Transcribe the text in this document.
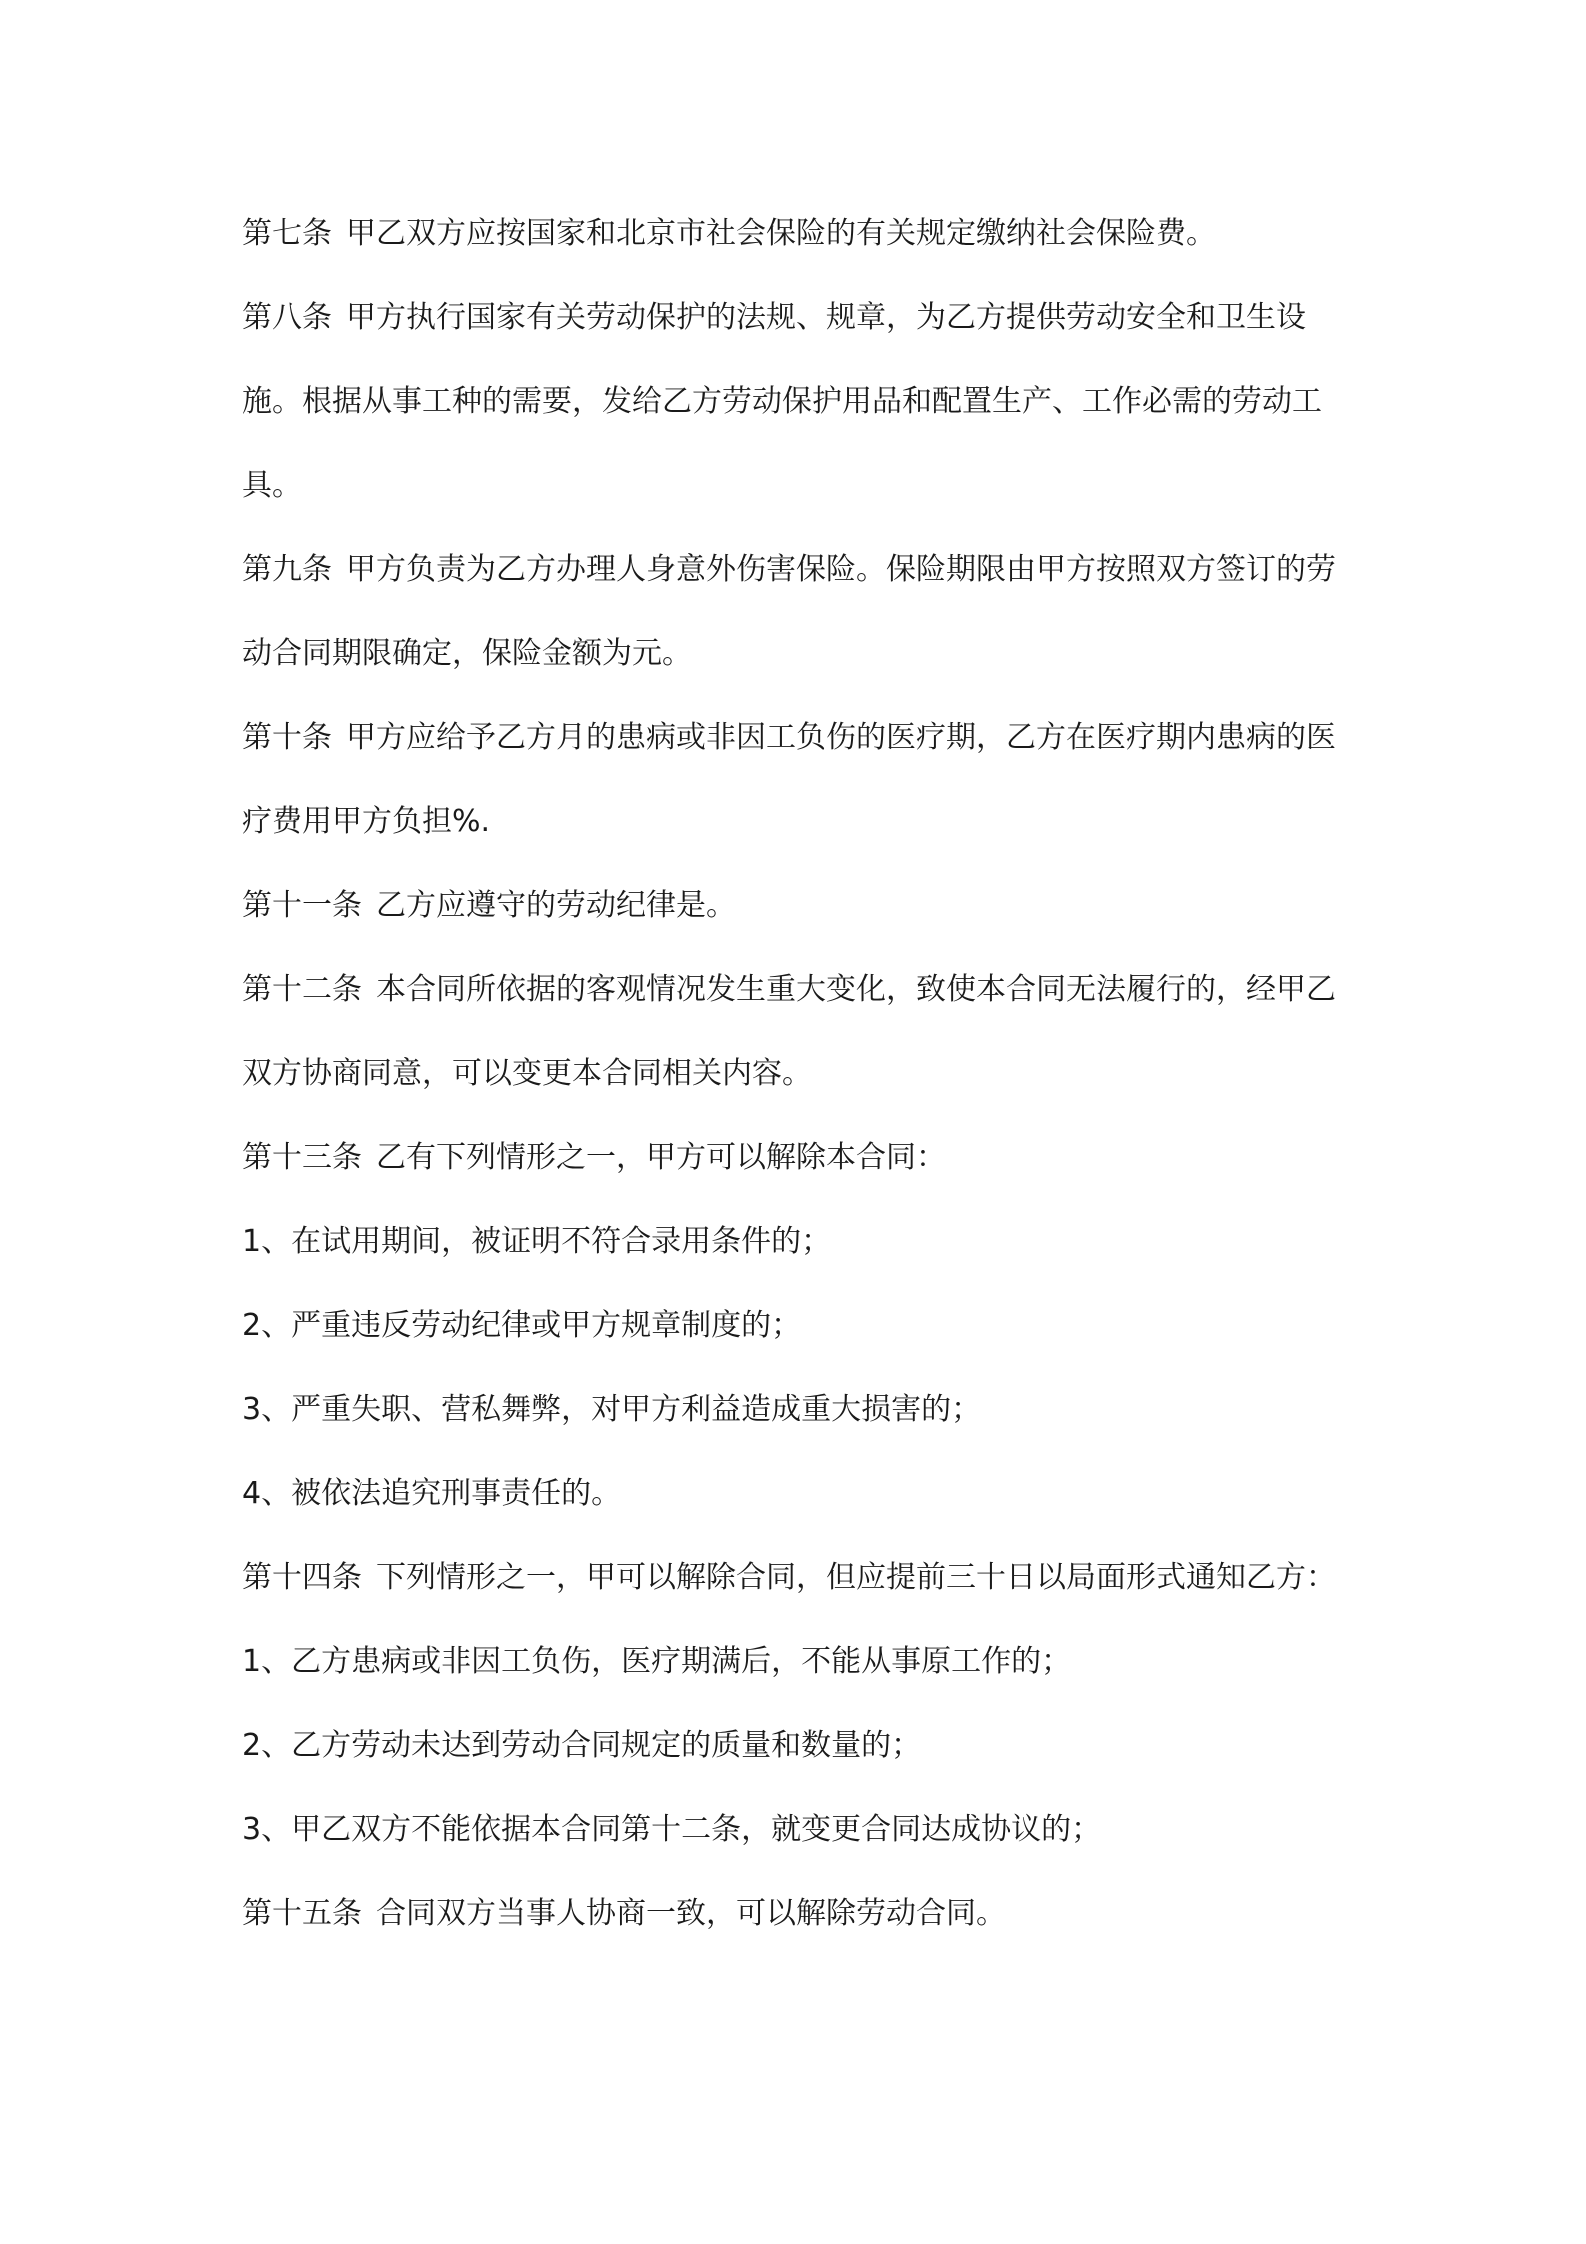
第七条 甲乙双方应按国家和北京市社会保险的有关规定缴纳社会保险费。

第八条 甲方执行国家有关劳动保护的法规、规章，为乙方提供劳动安全和卫生设施。根据从事工种的需要，发给乙方劳动保护用品和配置生产、工作必需的劳动工具。

第九条 甲方负责为乙方办理人身意外伤害保险。保险期限由甲方按照双方签订的劳动合同期限确定，保险金额为元。

第十条 甲方应给予乙方月的患病或非因工负伤的医疗期，乙方在医疗期内患病的医疗费用甲方负担%.

第十一条 乙方应遵守的劳动纪律是。

第十二条 本合同所依据的客观情况发生重大变化，致使本合同无法履行的，经甲乙双方协商同意，可以变更本合同相关内容。

第十三条 乙有下列情形之一，甲方可以解除本合同：

1、在试用期间，被证明不符合录用条件的；

2、严重违反劳动纪律或甲方规章制度的；

3、严重失职、营私舞弊，对甲方利益造成重大损害的；

4、被依法追究刑事责任的。

第十四条 下列情形之一，甲可以解除合同，但应提前三十日以局面形式通知乙方：

1、乙方患病或非因工负伤，医疗期满后，不能从事原工作的；

2、乙方劳动未达到劳动合同规定的质量和数量的；

3、甲乙双方不能依据本合同第十二条，就变更合同达成协议的；

第十五条 合同双方当事人协商一致，可以解除劳动合同。
